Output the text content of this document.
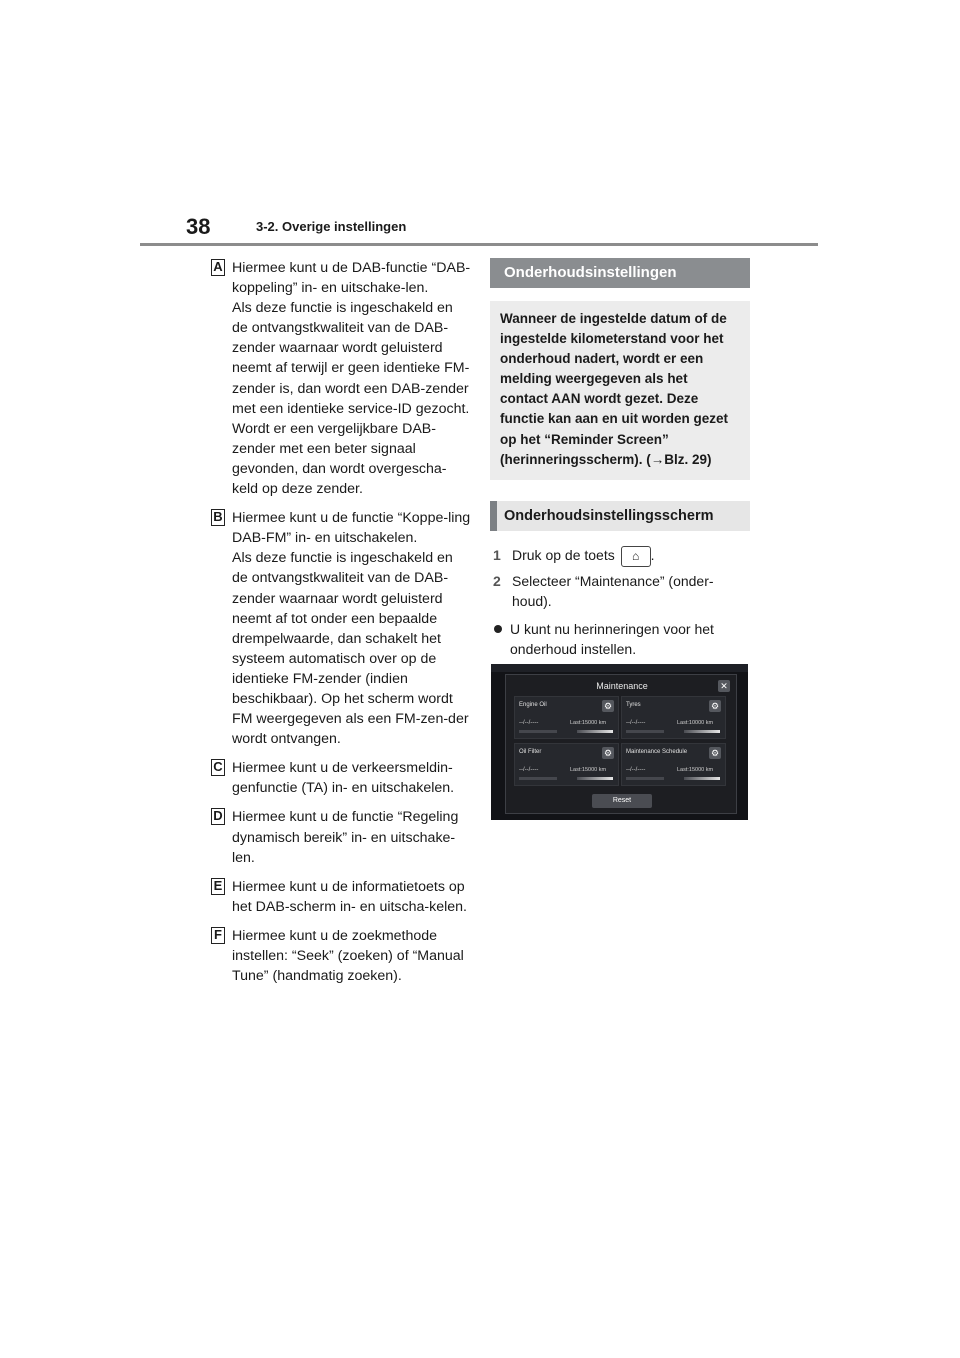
38	3-2. Overige instellingen
A Hiermee kunt u de DAB-functie “DAB-koppeling” in- en uitschake-len.
Als deze functie is ingeschakeld en de ontvangstkwaliteit van de DAB-zender waarnaar wordt geluisterd neemt af terwijl er geen identieke FM-zender is, dan wordt een DAB-zender met een identieke service-ID gezocht. Wordt er een vergelijkbare DAB-zender met een beter signaal gevonden, dan wordt overgescha-keld op deze zender.
B Hiermee kunt u de functie “Koppe-ling DAB-FM” in- en uitschakelen.
Als deze functie is ingeschakeld en de ontvangstkwaliteit van de DAB-zender waarnaar wordt geluisterd neemt af tot onder een bepaalde drempelwaarde, dan schakelt het systeem automatisch over op de identieke FM-zender (indien beschikbaar). Op het scherm wordt FM weergegeven als een FM-zen-der wordt ontvangen.
C Hiermee kunt u de verkeersmeldin-genfunctie (TA) in- en uitschakelen.
D Hiermee kunt u de functie “Regeling dynamisch bereik” in- en uitschake-len.
E Hiermee kunt u de informatietoets op het DAB-scherm in- en uitscha-kelen.
F Hiermee kunt u de zoekmethode instellen: “Seek” (zoeken) of “Manual Tune” (handmatig zoeken).
Onderhoudsinstellingen
Wanneer de ingestelde datum of de ingestelde kilometerstand voor het onderhoud nadert, wordt er een melding weergegeven als het contact AAN wordt gezet. Deze functie kan aan en uit worden gezet op het “Reminder Screen” (herinneringsscherm). (→Blz. 29)
Onderhoudsinstellingsscherm
1 Druk op de toets ⌂ .
2 Selecteer “Maintenance” (onder-houd).
U kunt nu herinneringen voor het onderhoud instellen.
Maintenance	✕
Engine Oil	⚙
--/--/----	Last:15000 km
Tyres	⚙
--/--/----	Last:10000 km
Oil Filter	⚙
--/--/----	Last:15000 km
Maintenance Schedule	⚙
--/--/----	Last:15000 km
Reset
